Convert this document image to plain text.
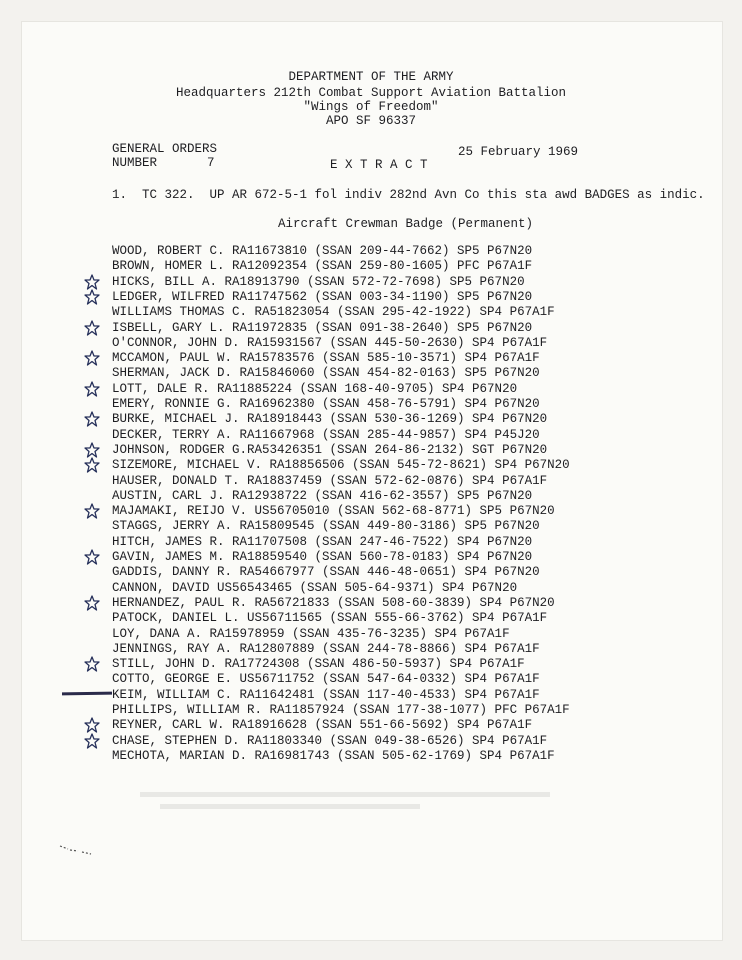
DEPARTMENT OF THE ARMY
Headquarters 212th Combat Support Aviation Battalion
"Wings of Freedom"
APO SF 96337
GENERAL ORDERS
NUMBER	7	E X T R A C T
25 February 1969
1.  TC 322.  UP AR 672-5-1 fol indiv 282nd Avn Co this sta awd BADGES as indic.
Aircraft Crewman Badge (Permanent)
WOOD, ROBERT C. RA11673810 (SSAN 209-44-7662) SP5 P67N20
BROWN, HOMER L. RA12092354 (SSAN 259-80-1605) PFC P67A1F
HICKS, BILL A. RA18913790 (SSAN 572-72-7698) SP5 P67N20
LEDGER, WILFRED RA11747562 (SSAN 003-34-1190) SP5 P67N20
WILLIAMS THOMAS C. RA51823054 (SSAN 295-42-1922) SP4 P67A1F
ISBELL, GARY L. RA11972835 (SSAN 091-38-2640) SP5 P67N20
O'CONNOR, JOHN D. RA15931567 (SSAN 445-50-2630) SP4 P67A1F
MCCAMON, PAUL W. RA15783576 (SSAN 585-10-3571) SP4 P67A1F
SHERMAN, JACK D. RA15846060 (SSAN 454-82-0163) SP5 P67N20
LOTT, DALE R. RA11885224 (SSAN 168-40-9705) SP4 P67N20
EMERY, RONNIE G. RA16962380 (SSAN 458-76-5791) SP4 P67N20
BURKE, MICHAEL J. RA18918443 (SSAN 530-36-1269) SP4 P67N20
DECKER, TERRY A. RA11667968 (SSAN 285-44-9857) SP4 P45J20
JOHNSON, RODGER G.RA53426351 (SSAN 264-86-2132) SGT P67N20
SIZEMORE, MICHAEL V. RA18856506 (SSAN 545-72-8621) SP4 P67N20
HAUSER, DONALD T. RA18837459 (SSAN 572-62-0876) SP4 P67A1F
AUSTIN, CARL J. RA12938722 (SSAN 416-62-3557) SP5 P67N20
MAJAMAKI, REIJO V. US56705010 (SSAN 562-68-8771) SP5 P67N20
STAGGS, JERRY A. RA15809545 (SSAN 449-80-3186) SP5 P67N20
HITCH, JAMES R. RA11707508 (SSAN 247-46-7522) SP4 P67N20
GAVIN, JAMES M. RA18859540 (SSAN 560-78-0183) SP4 P67N20
GADDIS, DANNY R. RA54667977 (SSAN 446-48-0651) SP4 P67N20
CANNON, DAVID US56543465 (SSAN 505-64-9371) SP4 P67N20
HERNANDEZ, PAUL R. RA56721833 (SSAN 508-60-3839) SP4 P67N20
PATOCK, DANIEL L. US56711565 (SSAN 555-66-3762) SP4 P67A1F
LOY, DANA A. RA15978959 (SSAN 435-76-3235) SP4 P67A1F
JENNINGS, RAY A. RA12807889 (SSAN 244-78-8866) SP4 P67A1F
STILL, JOHN D. RA17724308 (SSAN 486-50-5937) SP4 P67A1F
COTTO, GEORGE E. US56711752 (SSAN 547-64-0332) SP4 P67A1F
KEIM, WILLIAM C. RA11642481 (SSAN 117-40-4533) SP4 P67A1F
PHILLIPS, WILLIAM R. RA11857924 (SSAN 177-38-1077) PFC P67A1F
REYNER, CARL W. RA18916628 (SSAN 551-66-5692) SP4 P67A1F
CHASE, STEPHEN D. RA11803340 (SSAN 049-38-6526) SP4 P67A1F
MECHOTA, MARIAN D. RA16981743 (SSAN 505-62-1769) SP4 P67A1F
